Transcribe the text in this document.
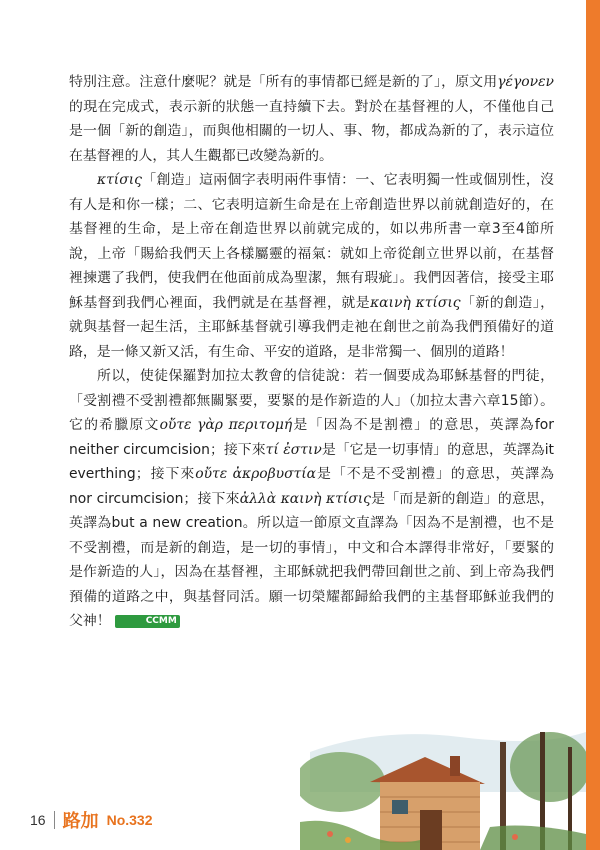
特別注意。注意什麼呢？就是「所有的事情都已經是新的了」，原文用γέγονεν的現在完成式，表示新的狀態一直持續下去。對於在基督裡的人，不僅他自己是一個「新的創造」，而與他相關的一切人、事、物，都成為新的了，表示這位在基督裡的人，其人生觀都已改變為新的。

κτίσις「創造」這兩個字表明兩件事情：一、它表明獨一性或個別性，沒有人是和你一樣；二、它表明這新生命是在上帝創造世界以前就創造好的，在基督裡的生命，是上帝在創造世界以前就完成的，如以弗所書一章3至4節所說，上帝「賜給我們天上各樣屬靈的福氣：就如上帝從創立世界以前，在基督裡揀選了我們，使我們在他面前成為聖潔，無有瑕疵」。我們因著信，接受主耶穌基督到我們心裡面，我們就是在基督裡，就是καινὴ κτίσις「新的創造」，就與基督一起生活，主耶穌基督就引導我們走祂在創世之前為我們預備好的道路，是一條又新又活，有生命、平安的道路，是非常獨一、個別的道路！

所以，使徒保羅對加拉太教會的信徒說：若一個要成為耶穌基督的門徒，「受割禮不受割禮都無關緊要，要緊的是作新造的人」（加拉太書六章15節）。它的希臘原文οὔτε γὰρ περιτομή是「因為不是割禮」的意思，英譯為for neither circumcision；接下來τί ἐστιν是「它是一切事情」的意思，英譯為it everthing；接下來οὔτε ἀκροβυστία是「不是不受割禮」的意思，英譯為nor circumcision；接下來ἀλλὰ καινὴ κτίσις是「而是新的創造」的意思，英譯為but a new creation。所以這一節原文直譯為「因為不是割禮，也不是不受割禮，而是新的創造，是一切的事情」，中文和合本譯得非常好，「要緊的是作新造的人」，因為在基督裡，主耶穌就把我們帶回創世之前、到上帝為我們預備的道路之中，與基督同活。願一切榮耀都歸給我們的主基督耶穌並我們的父神！	CCMM

16 路加 No.332
